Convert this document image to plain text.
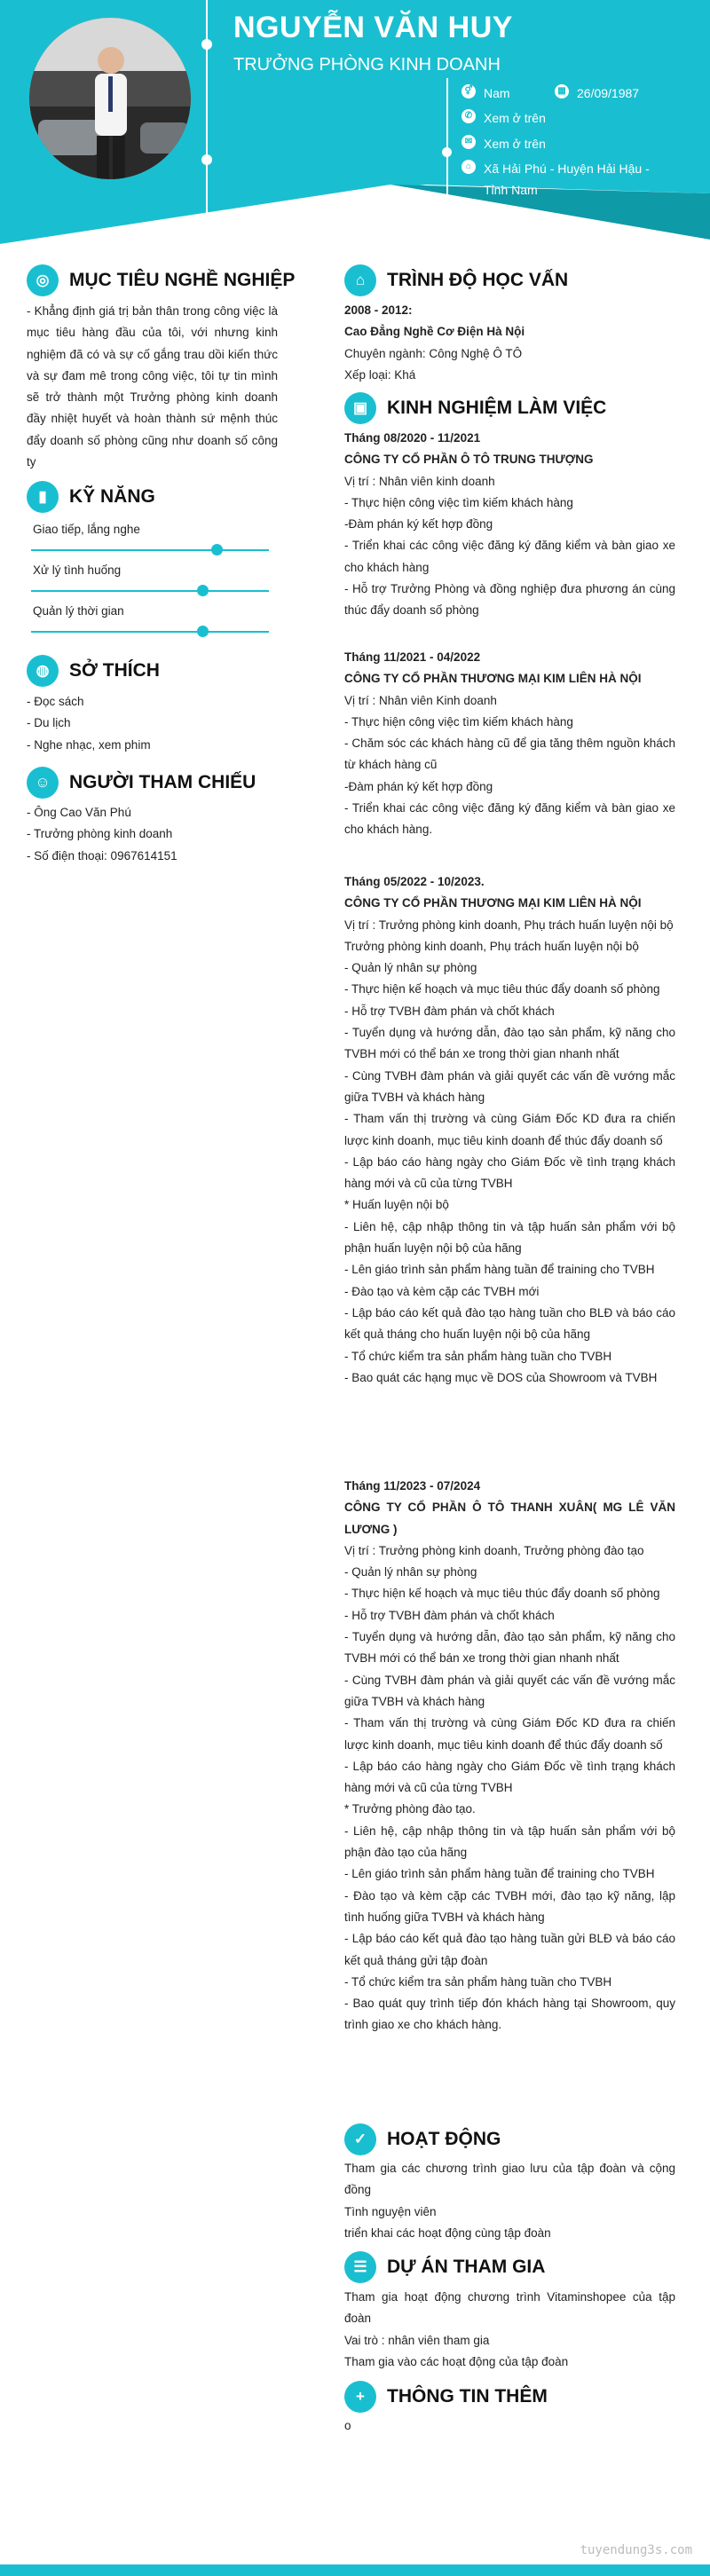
NGUYỄN VĂN HUY
TRƯỞNG PHÒNG KINH DOANH
⚥ Nam	▦ 26/09/1987
✆ Xem ở trên
✉ Xem ở trên
⌂ Xã Hải Phú - Huyện Hải Hậu - Tỉnh Nam
◎	MỤC TIÊU NGHỀ NGHIỆP
- Khẳng định giá trị bản thân trong công việc là mục tiêu hàng đầu của tôi, với nhưng kinh nghiệm đã có và sự cố gắng trau dồi kiến thức và sự đam mê trong công việc, tôi tự tin mình sẽ trở thành một Trưởng phòng kinh doanh đầy nhiệt huyết và hoàn thành sứ mệnh thúc đẩy doanh số phòng cũng như doanh số công ty
▮	KỸ NĂNG
Giao tiếp, lắng nghe
Xử lý tình huống
Quản lý thời gian
◍	SỞ THÍCH

- Đọc sách

- Du lịch

- Nghe nhạc, xem phim

☺	NGƯỜI THAM CHIẾU

- Ông Cao Văn Phú

- Trưởng phòng kinh doanh

- Số điện thoại: 0967614151

⌂	TRÌNH ĐỘ HỌC VẤN

2008 - 2012:

Cao Đẳng Nghề Cơ Điện Hà Nội

Chuyên ngành: Công Nghệ Ô TÔ

Xếp loại: Khá

▣	KINH NGHIỆM LÀM VIỆC

Tháng 08/2020 - 11/2021

CÔNG TY CỔ PHẦN Ô TÔ TRUNG THƯỢNG

Vị trí : Nhân viên kinh doanh

- Thực hiện công việc tìm kiếm khách hàng

-Đàm phán ký kết hợp đồng

- Triển khai các công việc đăng ký đăng kiểm và bàn giao xe cho khách hàng

- Hỗ trợ Trưởng Phòng và đồng nghiệp đưa phương án cùng thúc đẩy doanh số phòng

Tháng 11/2021 - 04/2022

CÔNG TY CỔ PHẦN THƯƠNG MẠI KIM LIÊN HÀ NỘI

Vị trí : Nhân viên Kinh doanh

- Thực hiện công việc tìm kiếm khách hàng

- Chăm sóc các khách hàng cũ để gia tăng thêm nguồn khách từ khách hàng cũ

-Đàm phán ký kết hợp đồng

- Triển khai các công việc đăng ký đăng kiểm và bàn giao xe cho khách hàng.

Tháng 05/2022 - 10/2023.

CÔNG TY CỔ PHẦN THƯƠNG MẠI KIM LIÊN HÀ NỘI

Vị trí : Trưởng phòng kinh doanh, Phụ trách huấn luyện nội bộ

Trưởng phòng kinh doanh, Phụ trách huấn luyện nội bộ

- Quản lý nhân sự phòng

- Thực hiện kế hoạch và mục tiêu thúc đẩy doanh số phòng

- Hỗ trợ TVBH đàm phán và chốt khách

- Tuyển dụng và hướng dẫn, đào tạo sản phẩm, kỹ năng cho TVBH mới có thể bán xe trong thời gian nhanh nhất

- Cùng TVBH đàm phán và giải quyết các vấn đề vướng mắc giữa TVBH và khách hàng

- Tham vấn thị trường và cùng Giám Đốc KD đưa ra chiến lược kinh doanh, mục tiêu kinh doanh để thúc đẩy doanh số

- Lập báo cáo hàng ngày cho Giám Đốc về tình trạng khách hàng mới và cũ của từng TVBH

* Huấn luyện nội bộ

- Liên hệ, cập nhập thông tin và tập huấn sản phẩm với bộ phận huấn luyện nội bộ của hãng

- Lên giáo trình sản phẩm hàng tuần để training cho TVBH

- Đào tạo và kèm cặp các TVBH mới

- Lập báo cáo kết quả đào tạo hàng tuần cho BLĐ và báo cáo kết quả tháng cho huấn luyện nội bộ của hãng

- Tổ chức kiểm tra sản phẩm hàng tuần cho TVBH

- Bao quát các hạng mục về DOS của Showroom và TVBH

Tháng 11/2023 - 07/2024

CÔNG TY CỔ PHẦN Ô TÔ THANH XUÂN( MG LÊ VĂN LƯƠNG )

Vị trí : Trưởng phòng kinh doanh, Trưởng phòng đào tạo

- Quản lý nhân sự phòng

- Thực hiện kế hoạch và mục tiêu thúc đẩy doanh số phòng

- Hỗ trợ TVBH đàm phán và chốt khách

- Tuyển dụng và hướng dẫn, đào tạo sản phẩm, kỹ năng cho TVBH mới có thể bán xe trong thời gian nhanh nhất

- Cùng TVBH đàm phán và giải quyết các vấn đề vướng mắc giữa TVBH và khách hàng

- Tham vấn thị trường và cùng Giám Đốc KD đưa ra chiến lược kinh doanh, mục tiêu kinh doanh để thúc đẩy doanh số

- Lập báo cáo hàng ngày cho Giám Đốc về tình trạng khách hàng mới và cũ của từng TVBH

* Trưởng phòng đào tạo.

- Liên hệ, cập nhập thông tin và tập huấn sản phẩm với bộ phận đào tạo của hãng

- Lên giáo trình sản phẩm hàng tuần để training cho TVBH

- Đào tạo và kèm cặp các TVBH mới, đào tạo kỹ năng, lập tình huống giữa TVBH và khách hàng

- Lập báo cáo kết quả đào tạo hàng tuần gửi BLĐ và báo cáo kết quả tháng gửi tập đoàn

- Tổ chức kiểm tra sản phẩm hàng tuần cho TVBH

- Bao quát quy trình tiếp đón khách hàng tại Showroom, quy trình giao xe cho khách hàng.

✓	HOẠT ĐỘNG

Tham gia các chương trình giao lưu của tập đoàn và cộng đồng

Tình nguyện viên

triển khai các hoạt động cùng tập đoàn

☰	DỰ ÁN THAM GIA

Tham gia hoạt động chương trình Vitaminshopee của tập đoàn

Vai trò : nhân viên tham gia

Tham gia vào các hoạt động của tập đoàn

+	THÔNG TIN THÊM
o
tuyendung3s.com
